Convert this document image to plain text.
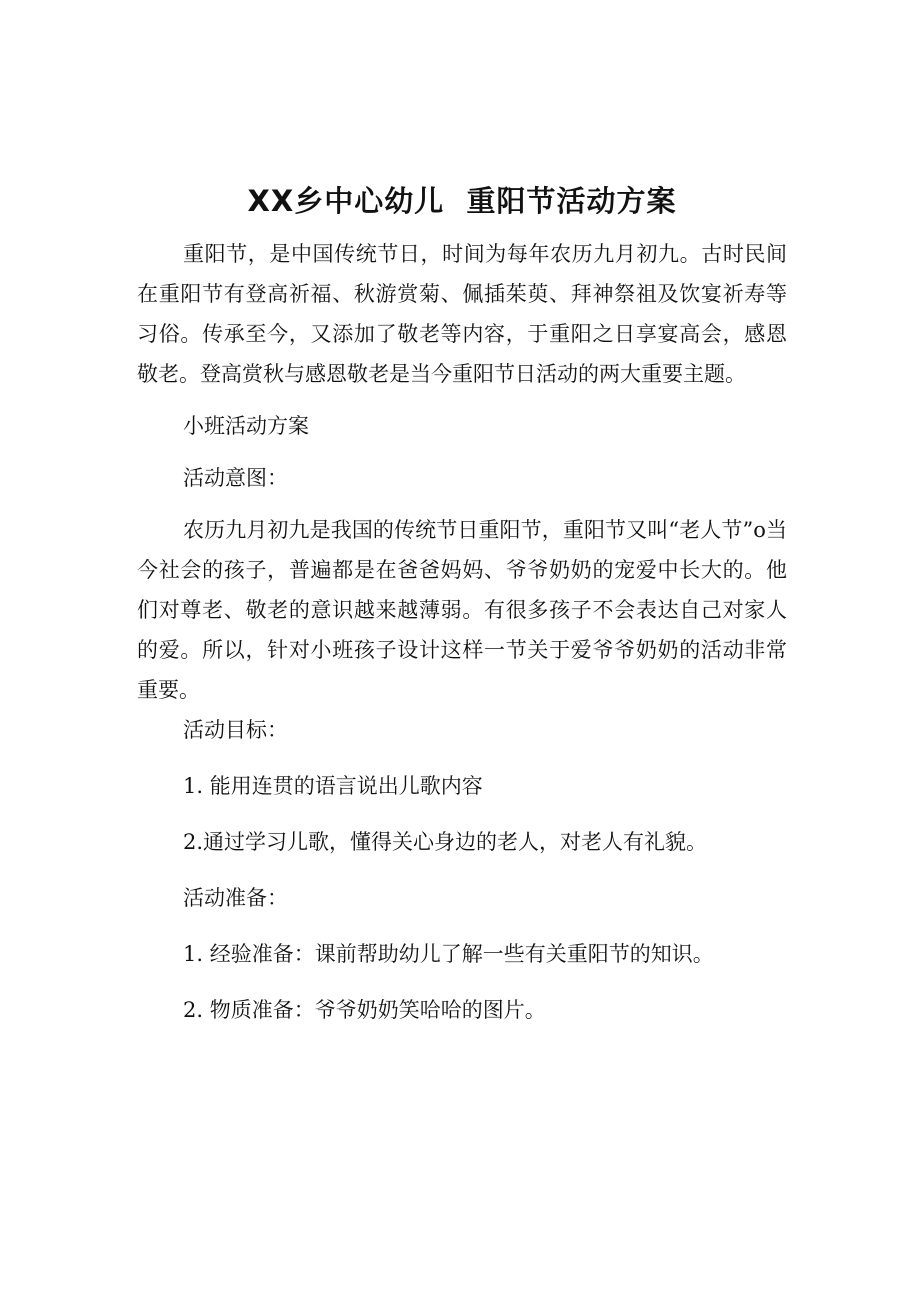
XX乡中心幼儿  重阳节活动方案

重阳节，是中国传统节日，时间为每年农历九月初九。古时民间在重阳节有登高祈福、秋游赏菊、佩插茱萸、拜神祭祖及饮宴祈寿等习俗。传承至今，又添加了敬老等内容，于重阳之日享宴高会，感恩敬老。登高赏秋与感恩敬老是当今重阳节日活动的两大重要主题。

小班活动方案

活动意图：

农历九月初九是我国的传统节日重阳节，重阳节又叫“老人节”o当今社会的孩子，普遍都是在爸爸妈妈、爷爷奶奶的宠爱中长大的。他们对尊老、敬老的意识越来越薄弱。有很多孩子不会表达自己对家人的爱。所以，针对小班孩子设计这样一节关于爱爷爷奶奶的活动非常重要。

活动目标：

1. 能用连贯的语言说出儿歌内容

2.通过学习儿歌，懂得关心身边的老人，对老人有礼貌。

活动准备：

1. 经验准备：课前帮助幼儿了解一些有关重阳节的知识。

2. 物质准备：爷爷奶奶笑哈哈的图片。
